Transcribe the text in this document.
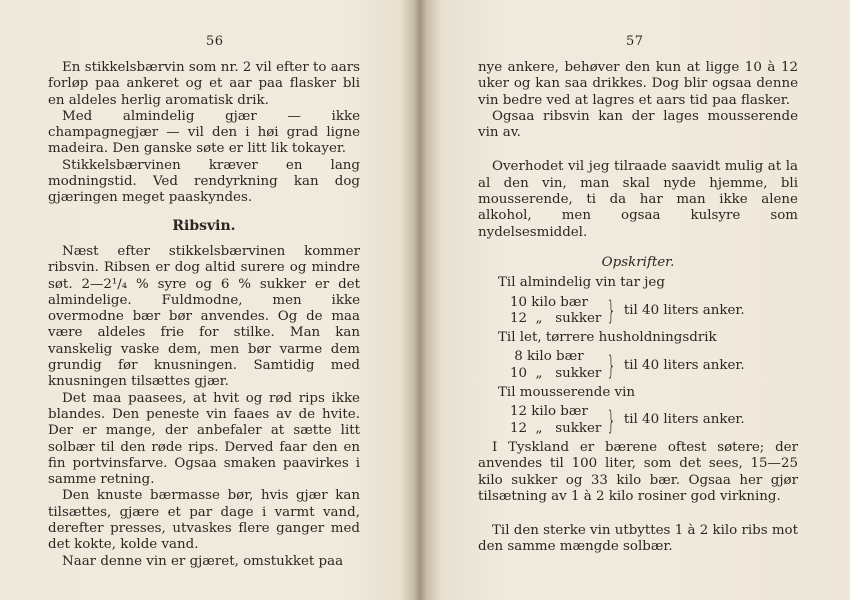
56

En stikkelsbærvin som nr. 2 vil efter to aars forløp paa ankeret og et aar paa flasker bli en aldeles herlig aromatisk drik.

Med almindelig gjær — ikke champagnegjær — vil den i høi grad ligne madeira. Den ganske søte er litt lik tokayer.

Stikkelsbærvinen kræver en lang modningstid. Ved rendyrkning kan dog gjæringen meget paaskyndes.

Ribsvin.

Næst efter stikkelsbærvinen kommer ribsvin. Ribsen er dog altid surere og mindre søt. 2—2¹/₄ % syre og 6 % sukker er det almindelige. Fuldmodne, men ikke overmodne bær bør anvendes. Og de maa være aldeles frie for stilke. Man kan vanskelig vaske dem, men bør varme dem grundig før knusningen. Samtidig med knusningen tilsættes gjær.

Det maa paasees, at hvit og rød rips ikke blandes. Den peneste vin faaes av de hvite. Der er mange, der anbefaler at sætte litt solbær til den røde rips. Derved faar den en fin portvinsfarve. Ogsaa smaken paavirkes i samme retning.

Den knuste bærmasse bør, hvis gjær kan tilsættes, gjære et par dage i varmt vand, derefter presses, utvaskes flere ganger med det kokte, kolde vand.

Naar denne vin er gjæret, omstukket paa

57

nye ankere, behøver den kun at ligge 10 à 12 uker og kan saa drikkes. Dog blir ogsaa denne vin bedre ved at lagres et aars tid paa flasker.

Ogsaa ribsvin kan der lages mousserende vin av.

Overhodet vil jeg tilraade saavidt mulig at la al den vin, man skal nyde hjemme, bli mousserende, ti da har man ikke alene alkohol, men ogsaa kulsyre som nydelsesmiddel.

Opskrifter.

Til almindelig vin tar jeg

10 kilo bær
12  „   sukker } til 40 liters anker.

Til let, tørrere husholdningsdrik

8 kilo bær
10  „   sukker } til 40 liters anker.

Til mousserende vin

12 kilo bær
12  „   sukker } til 40 liters anker.

I Tyskland er bærene oftest søtere; der anvendes til 100 liter, som det sees, 15—25 kilo sukker og 33 kilo bær. Ogsaa her gjør tilsætning av 1 à 2 kilo rosiner god virkning.

Til den sterke vin utbyttes 1 à 2 kilo ribs mot den samme mængde solbær.
